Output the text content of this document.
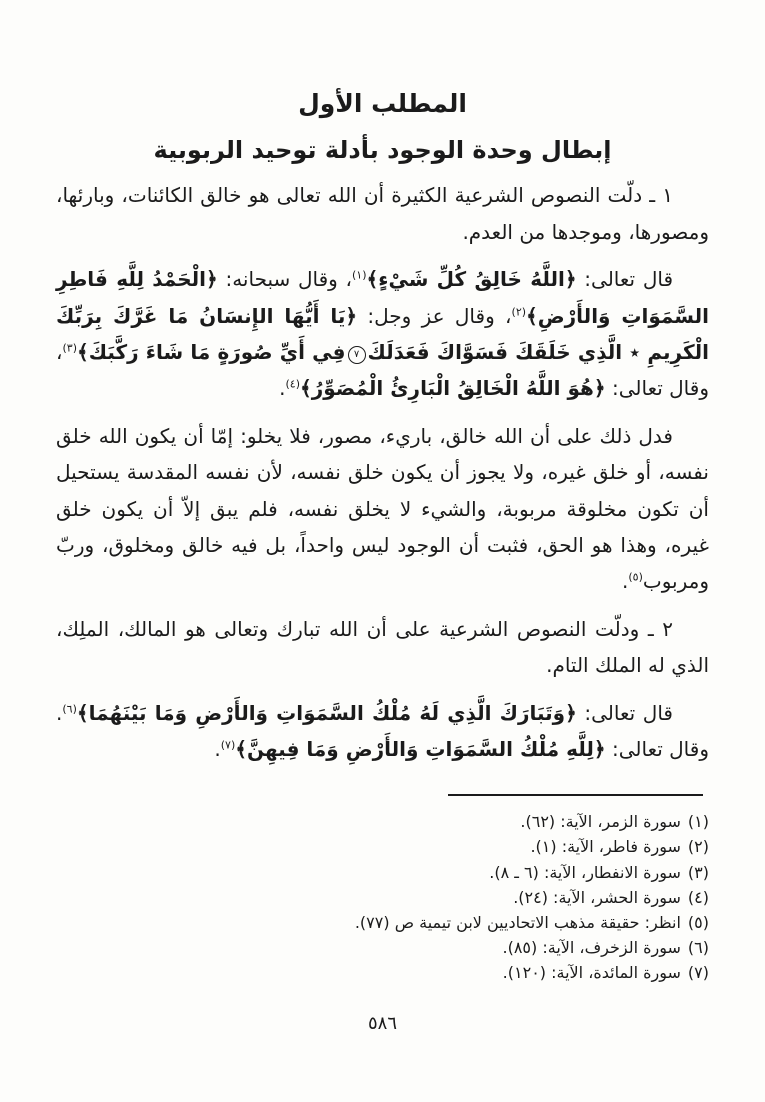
المطلب الأول
إبطال وحدة الوجود بأدلة توحيد الربوبية

١ ـ دلّت النصوص الشرعية الكثيرة أن الله تعالى هو خالق الكائنات، وبارئها، ومصورها، وموجدها من العدم.

قال تعالى: ﴿اللَّهُ خَالِقُ كُلِّ شَيْءٍ﴾$^{(١)}$، وقال سبحانه: ﴿الْحَمْدُ لِلَّهِ فَاطِرِ السَّمَوَاتِ وَالأَرْضِ﴾$^{(٢)}$، وقال عز وجل: ﴿يَا أَيُّهَا الإِنسَانُ مَا غَرَّكَ بِرَبِّكَ الْكَرِيمِ ٭ الَّذِي خَلَقَكَ فَسَوَّاكَ فَعَدَلَكَ٧فِي أَيِّ صُورَةٍ مَا شَاءَ رَكَّبَكَ﴾$^{(٣)}$، وقال تعالى: ﴿هُوَ اللَّهُ الْخَالِقُ الْبَارِئُ الْمُصَوِّرُ﴾$^{(٤)}$.

فدل ذلك على أن الله خالق، باريء، مصور، فلا يخلو: إمّا أن يكون الله خلق نفسه، أو خلق غيره، ولا يجوز أن يكون خلق نفسه، لأن نفسه المقدسة يستحيل أن تكون مخلوقة مربوبة، والشيء لا يخلق نفسه، فلم يبق إلاّ أن يكون خلق غيره، وهذا هو الحق، فثبت أن الوجود ليس واحداً، بل فيه خالق ومخلوق، وربّ ومربوب$^{(٥)}$.

٢ ـ ودلّت النصوص الشرعية على أن الله تبارك وتعالى هو المالك، الملِك، الذي له الملك التام.

قال تعالى: ﴿وَتَبَارَكَ الَّذِي لَهُ مُلْكُ السَّمَوَاتِ وَالأَرْضِ وَمَا بَيْنَهُمَا﴾$^{(٦)}$. وقال تعالى: ﴿لِلَّهِ مُلْكُ السَّمَوَاتِ وَالأَرْضِ وَمَا فِيهِنَّ﴾$^{(٧)}$.

(١)سورة الزمر، الآية: (٦٢).
(٢)سورة فاطر، الآية: (١).
(٣)سورة الانفطار، الآية: (٦ ـ ٨).
(٤)سورة الحشر، الآية: (٢٤).
(٥)انظر: حقيقة مذهب الاتحاديين لابن تيمية ص (٧٧).
(٦)سورة الزخرف، الآية: (٨٥).
(٧)سورة المائدة، الآية: (١٢٠).
٥٨٦
